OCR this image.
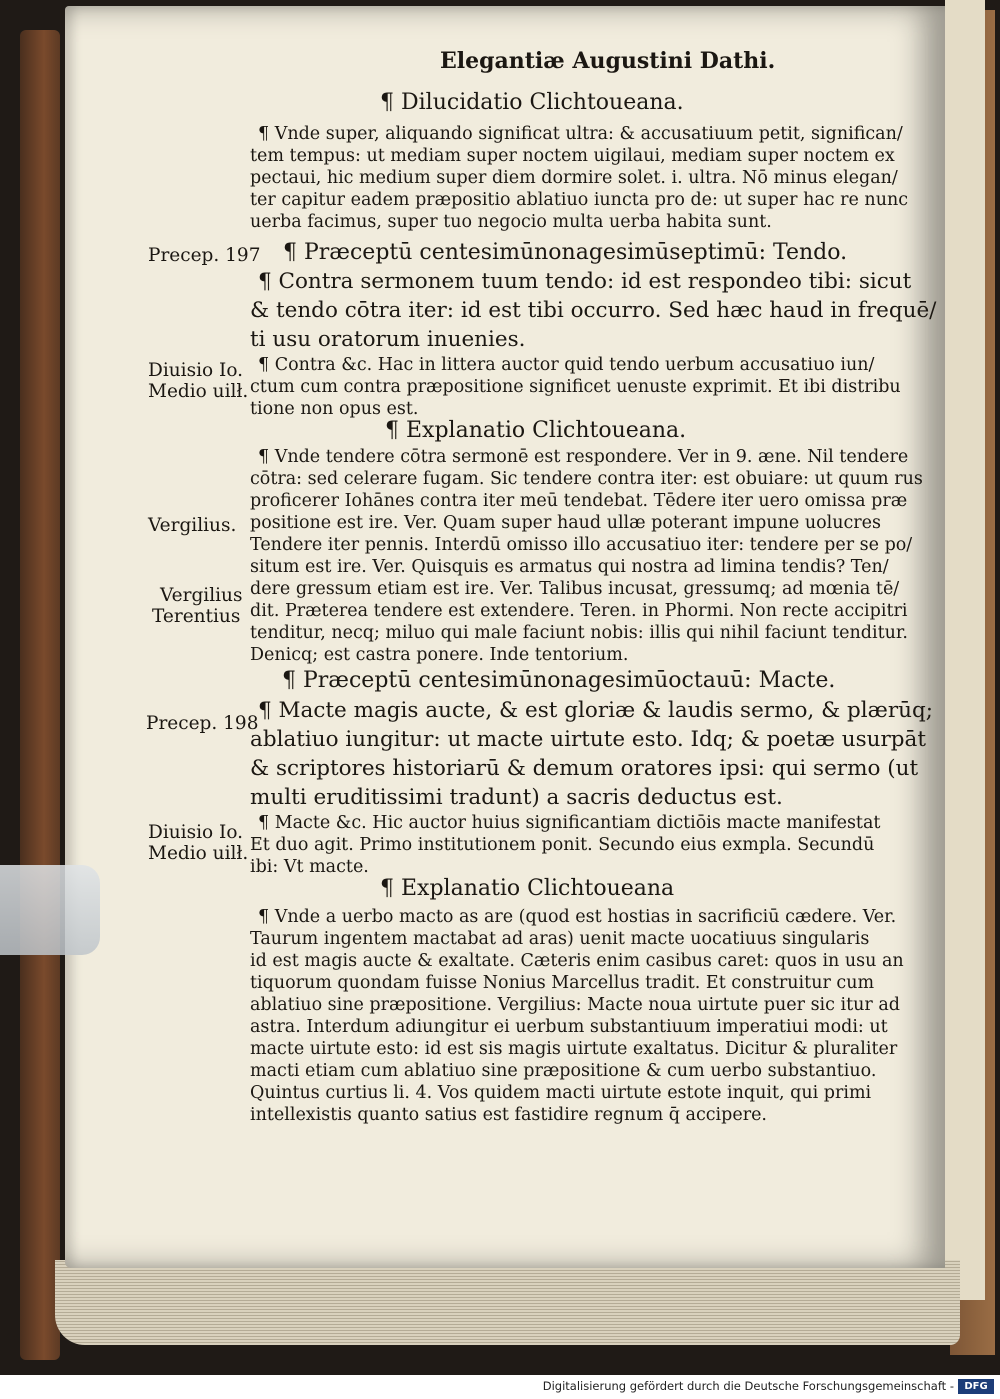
Elegantiæ Augustini Dathi.
¶ Dilucidatio Clichtoueana.
¶ Vnde super, aliquando significat ultra: & accusatiuum petit, significan/
tem tempus: ut mediam super noctem uigilaui, mediam super noctem ex
pectaui, hic medium super diem dormire solet. i. ultra. Nō minus elegan/
ter capitur eadem præpositio ablatiuo iuncta pro de: ut super hac re nunc
uerba facimus, super tuo negocio multa uerba habita sunt.
¶ Præceptū centesimūnonagesimūseptimū: Tendo.
¶ Contra sermonem tuum tendo: id est respondeo tibi: sicut
& tendo cōtra iter: id est tibi occurro. Sed hæc haud in frequē/
ti usu oratorum inuenies.
¶ Contra &c. Hac in littera auctor quid tendo uerbum accusatiuo iun/
ctum cum contra præpositione significet uenuste exprimit. Et ibi distribu
tione non opus est.
¶ Explanatio Clichtoueana.
¶ Vnde tendere cōtra sermonē est respondere. Ver in 9. æne. Nil tendere
cōtra: sed celerare fugam. Sic tendere contra iter: est obuiare: ut quum rus
proficerer Iohānes contra iter meū tendebat. Tēdere iter uero omissa præ
positione est ire. Ver. Quam super haud ullæ poterant impune uolucres
Tendere iter pennis. Interdū omisso illo accusatiuo iter: tendere per se po/
situm est ire. Ver. Quisquis es armatus qui nostra ad limina tendis? Ten/
dere gressum etiam est ire. Ver. Talibus incusat, gressumq; ad mœnia tē/
dit. Præterea tendere est extendere. Teren. in Phormi. Non recte accipitri
tenditur, necq; miluo qui male faciunt nobis: illis qui nihil faciunt tenditur.
Denicq; est castra ponere. Inde tentorium.
¶ Præceptū centesimūnonagesimūoctauū: Macte.
¶ Macte magis aucte, & est gloriæ & laudis sermo, & plærūq;
ablatiuo iungitur: ut macte uirtute esto. Idq; & poetæ usurpāt
& scriptores historiarū & demum oratores ipsi: qui sermo (ut
multi eruditissimi tradunt) a sacris deductus est.
¶ Macte &c. Hic auctor huius significantiam dictiōis macte manifestat
Et duo agit. Primo institutionem ponit. Secundo eius exmpla. Secundū
ibi: Vt macte.
¶ Explanatio Clichtoueana
¶ Vnde a uerbo macto as are (quod est hostias in sacrificiū cædere. Ver.
Taurum ingentem mactabat ad aras) uenit macte uocatiuus singularis
id est magis aucte & exaltate. Cæteris enim casibus caret: quos in usu an
tiquorum quondam fuisse Nonius Marcellus tradit. Et construitur cum
ablatiuo sine præpositione. Vergilius: Macte noua uirtute puer sic itur ad
astra. Interdum adiungitur ei uerbum substantiuum imperatiui modi: ut
macte uirtute esto: id est sis magis uirtute exaltatus. Dicitur & pluraliter
macti etiam cum ablatiuo sine præpositione & cum uerbo substantiuo.
Quintus curtius li. 4. Vos quidem macti uirtute estote inquit, qui primi
intellexistis quanto satius est fastidire regnum q̄ accipere.
Precep. 197
Diuisio Io.
Medio uilł.
Vergilius.
Vergilius
Terentius
Precep. 198
Diuisio Io.
Medio uilł.
Digitalisierung gefördert durch die Deutsche Forschungsgemeinschaft -	DFG
